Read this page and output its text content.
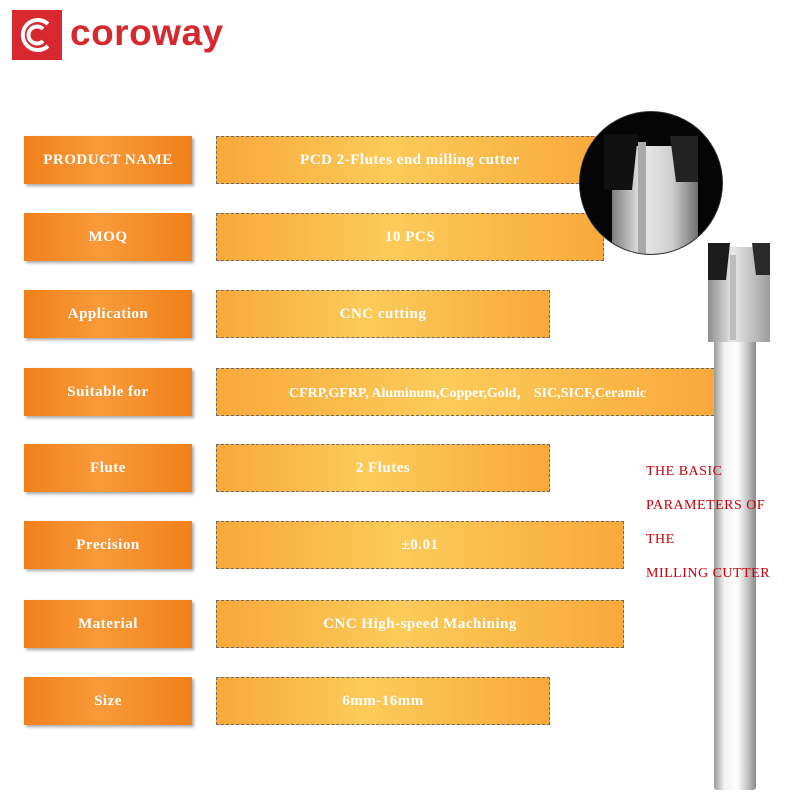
coroway
PRODUCT NAME	PCD 2-Flutes end milling cutter
MOQ	10 PCS
Application	CNC cutting
Suitable for	CFRP,GFRP, Aluminum,Copper,Gold， SIC,SICF,Ceramic
Flute	2 Flutes
Precision	±0.01
Material	CNC High-speed Machining
Size	6mm-16mm
THE BASIC
PARAMETERS OF
THE
MILLING CUTTER
